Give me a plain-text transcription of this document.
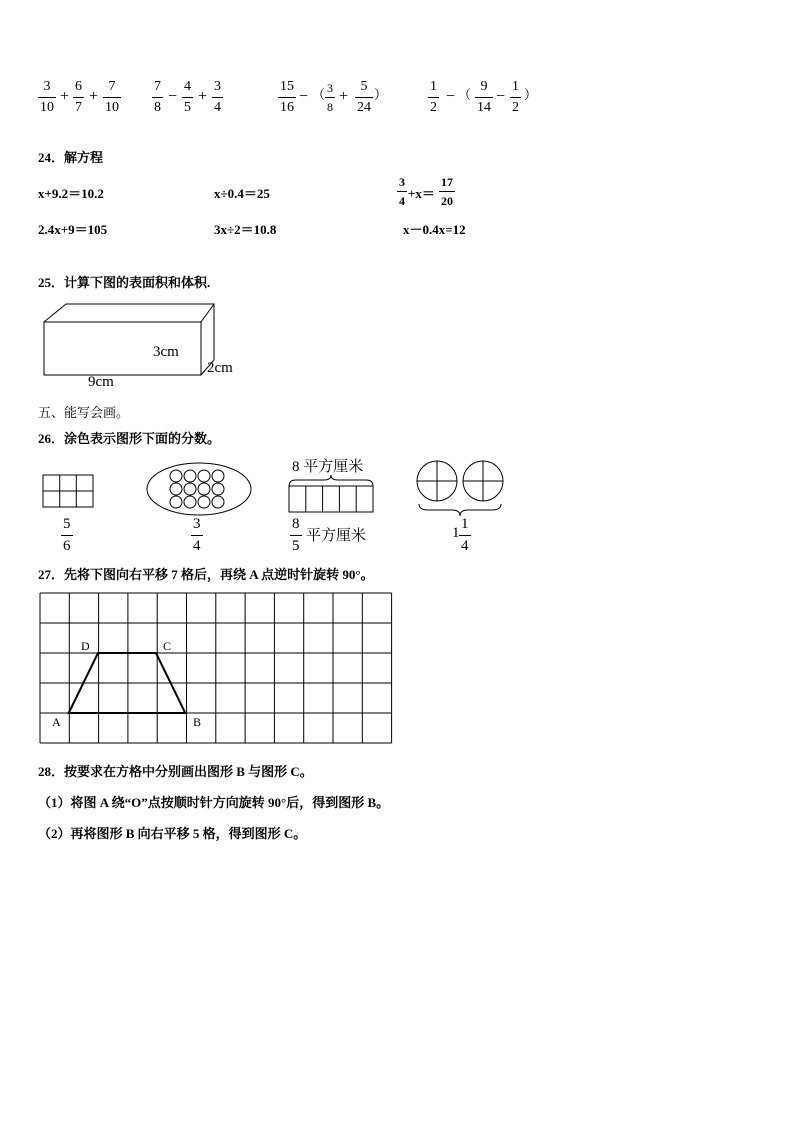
$\frac{3}{10} + \frac{6}{7} + \frac{7}{10} \frac{7}{8} - \frac{4}{5} + \frac{3}{4}$	$\frac{15}{16}$ − （ $\frac{3}{8} + \frac{5}{24}$ ）	$\frac{1}{2}$ − （ $\frac{9}{14} - \frac{1}{2}$ ）
24．解方程
x+9.2＝10.2	x÷0.4＝25	$\frac{3}{4} +x= \frac{17}{20}$
2.4x+9＝105	3x÷2＝10.8	x－0.4x=12
25．计算下图的表面积和体积.
3cm
2cm
9cm
五、能写会画。
26．涂色表示图形下面的分数。
$\frac{5}{6}$	$\frac{3}{4}$
8 平方厘米
$\frac{8}{5}$ 平方厘米	$1 \frac{1}{4}$
27．先将下图向右平移 7 格后，再绕 A 点逆时针旋转 90°。
D	C
A	B
28．按要求在方格中分别画出图形 B 与图形 C。
（1）将图 A 绕“O”点按顺时针方向旋转 90°后，得到图形 B。
（2）再将图形 B 向右平移 5 格，得到图形 C。
